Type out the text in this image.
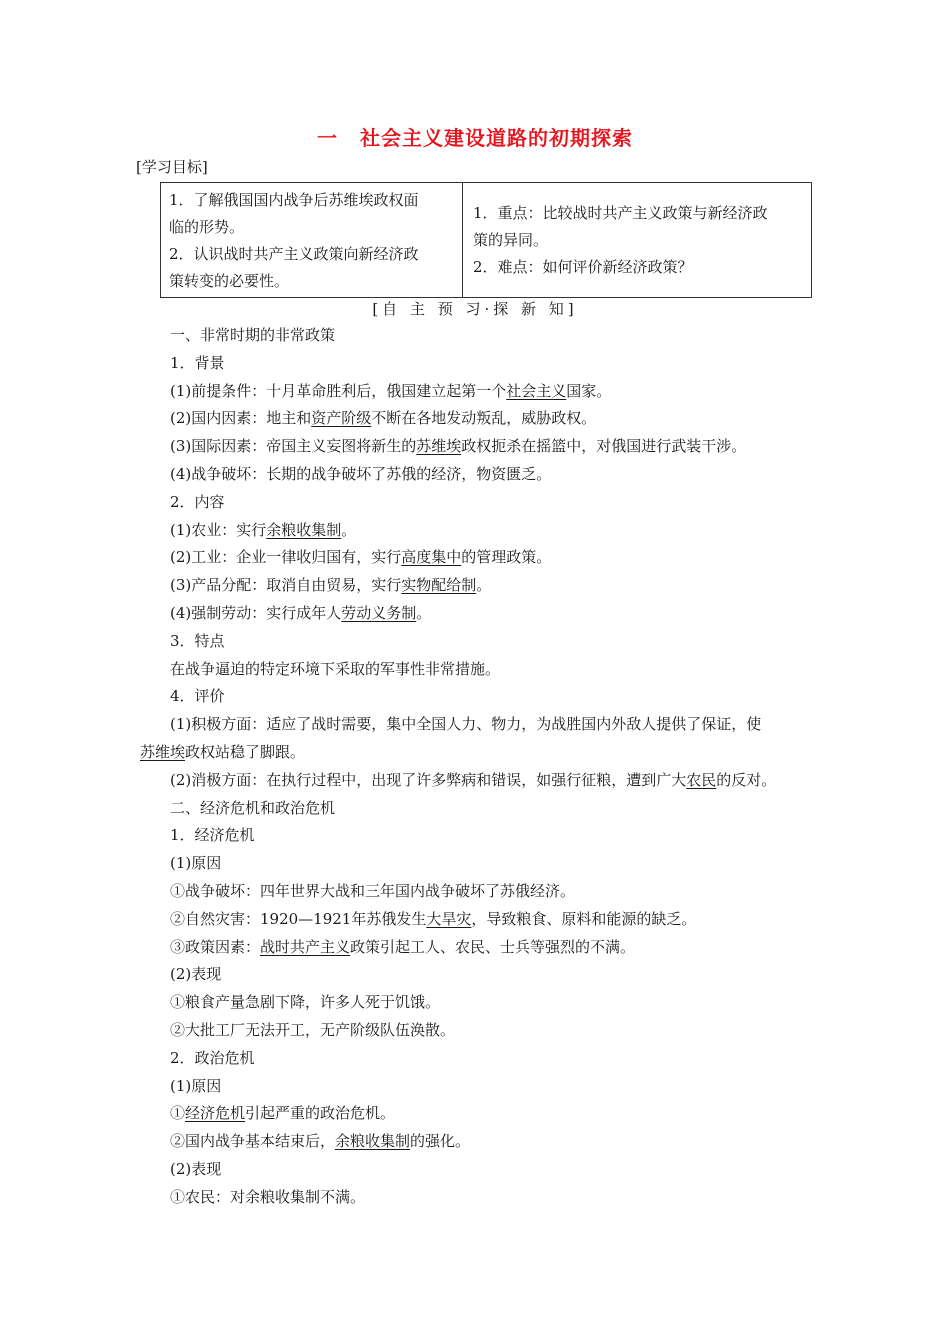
一 社会主义建设道路的初期探索
[学习目标]
1．了解俄国国内战争后苏维埃政权面
临的形势。
2．认识战时共产主义政策向新经济政
策转变的必要性。
1．重点：比较战时共产主义政策与新经济政
策的异同。
2．难点：如何评价新经济政策？
[自 主 预 习·探 新 知]
一、非常时期的非常政策
1．背景
(1)前提条件：十月革命胜利后，俄国建立起第一个社会主义国家。
(2)国内因素：地主和资产阶级不断在各地发动叛乱，威胁政权。
(3)国际因素：帝国主义妄图将新生的苏维埃政权扼杀在摇篮中，对俄国进行武装干涉。
(4)战争破坏：长期的战争破坏了苏俄的经济，物资匮乏。
2．内容
(1)农业：实行余粮收集制。
(2)工业：企业一律收归国有，实行高度集中的管理政策。
(3)产品分配：取消自由贸易，实行实物配给制。
(4)强制劳动：实行成年人劳动义务制。
3．特点
在战争逼迫的特定环境下采取的军事性非常措施。
4．评价
(1)积极方面：适应了战时需要，集中全国人力、物力，为战胜国内外敌人提供了保证，使
苏维埃政权站稳了脚跟。
(2)消极方面：在执行过程中，出现了许多弊病和错误，如强行征粮，遭到广大农民的反对。
二、经济危机和政治危机
1．经济危机
(1)原因
①战争破坏：四年世界大战和三年国内战争破坏了苏俄经济。
②自然灾害：1920—1921年苏俄发生大旱灾，导致粮食、原料和能源的缺乏。
③政策因素：战时共产主义政策引起工人、农民、士兵等强烈的不满。
(2)表现
①粮食产量急剧下降，许多人死于饥饿。
②大批工厂无法开工，无产阶级队伍涣散。
2．政治危机
(1)原因
①经济危机引起严重的政治危机。
②国内战争基本结束后，余粮收集制的强化。
(2)表现
①农民：对余粮收集制不满。
